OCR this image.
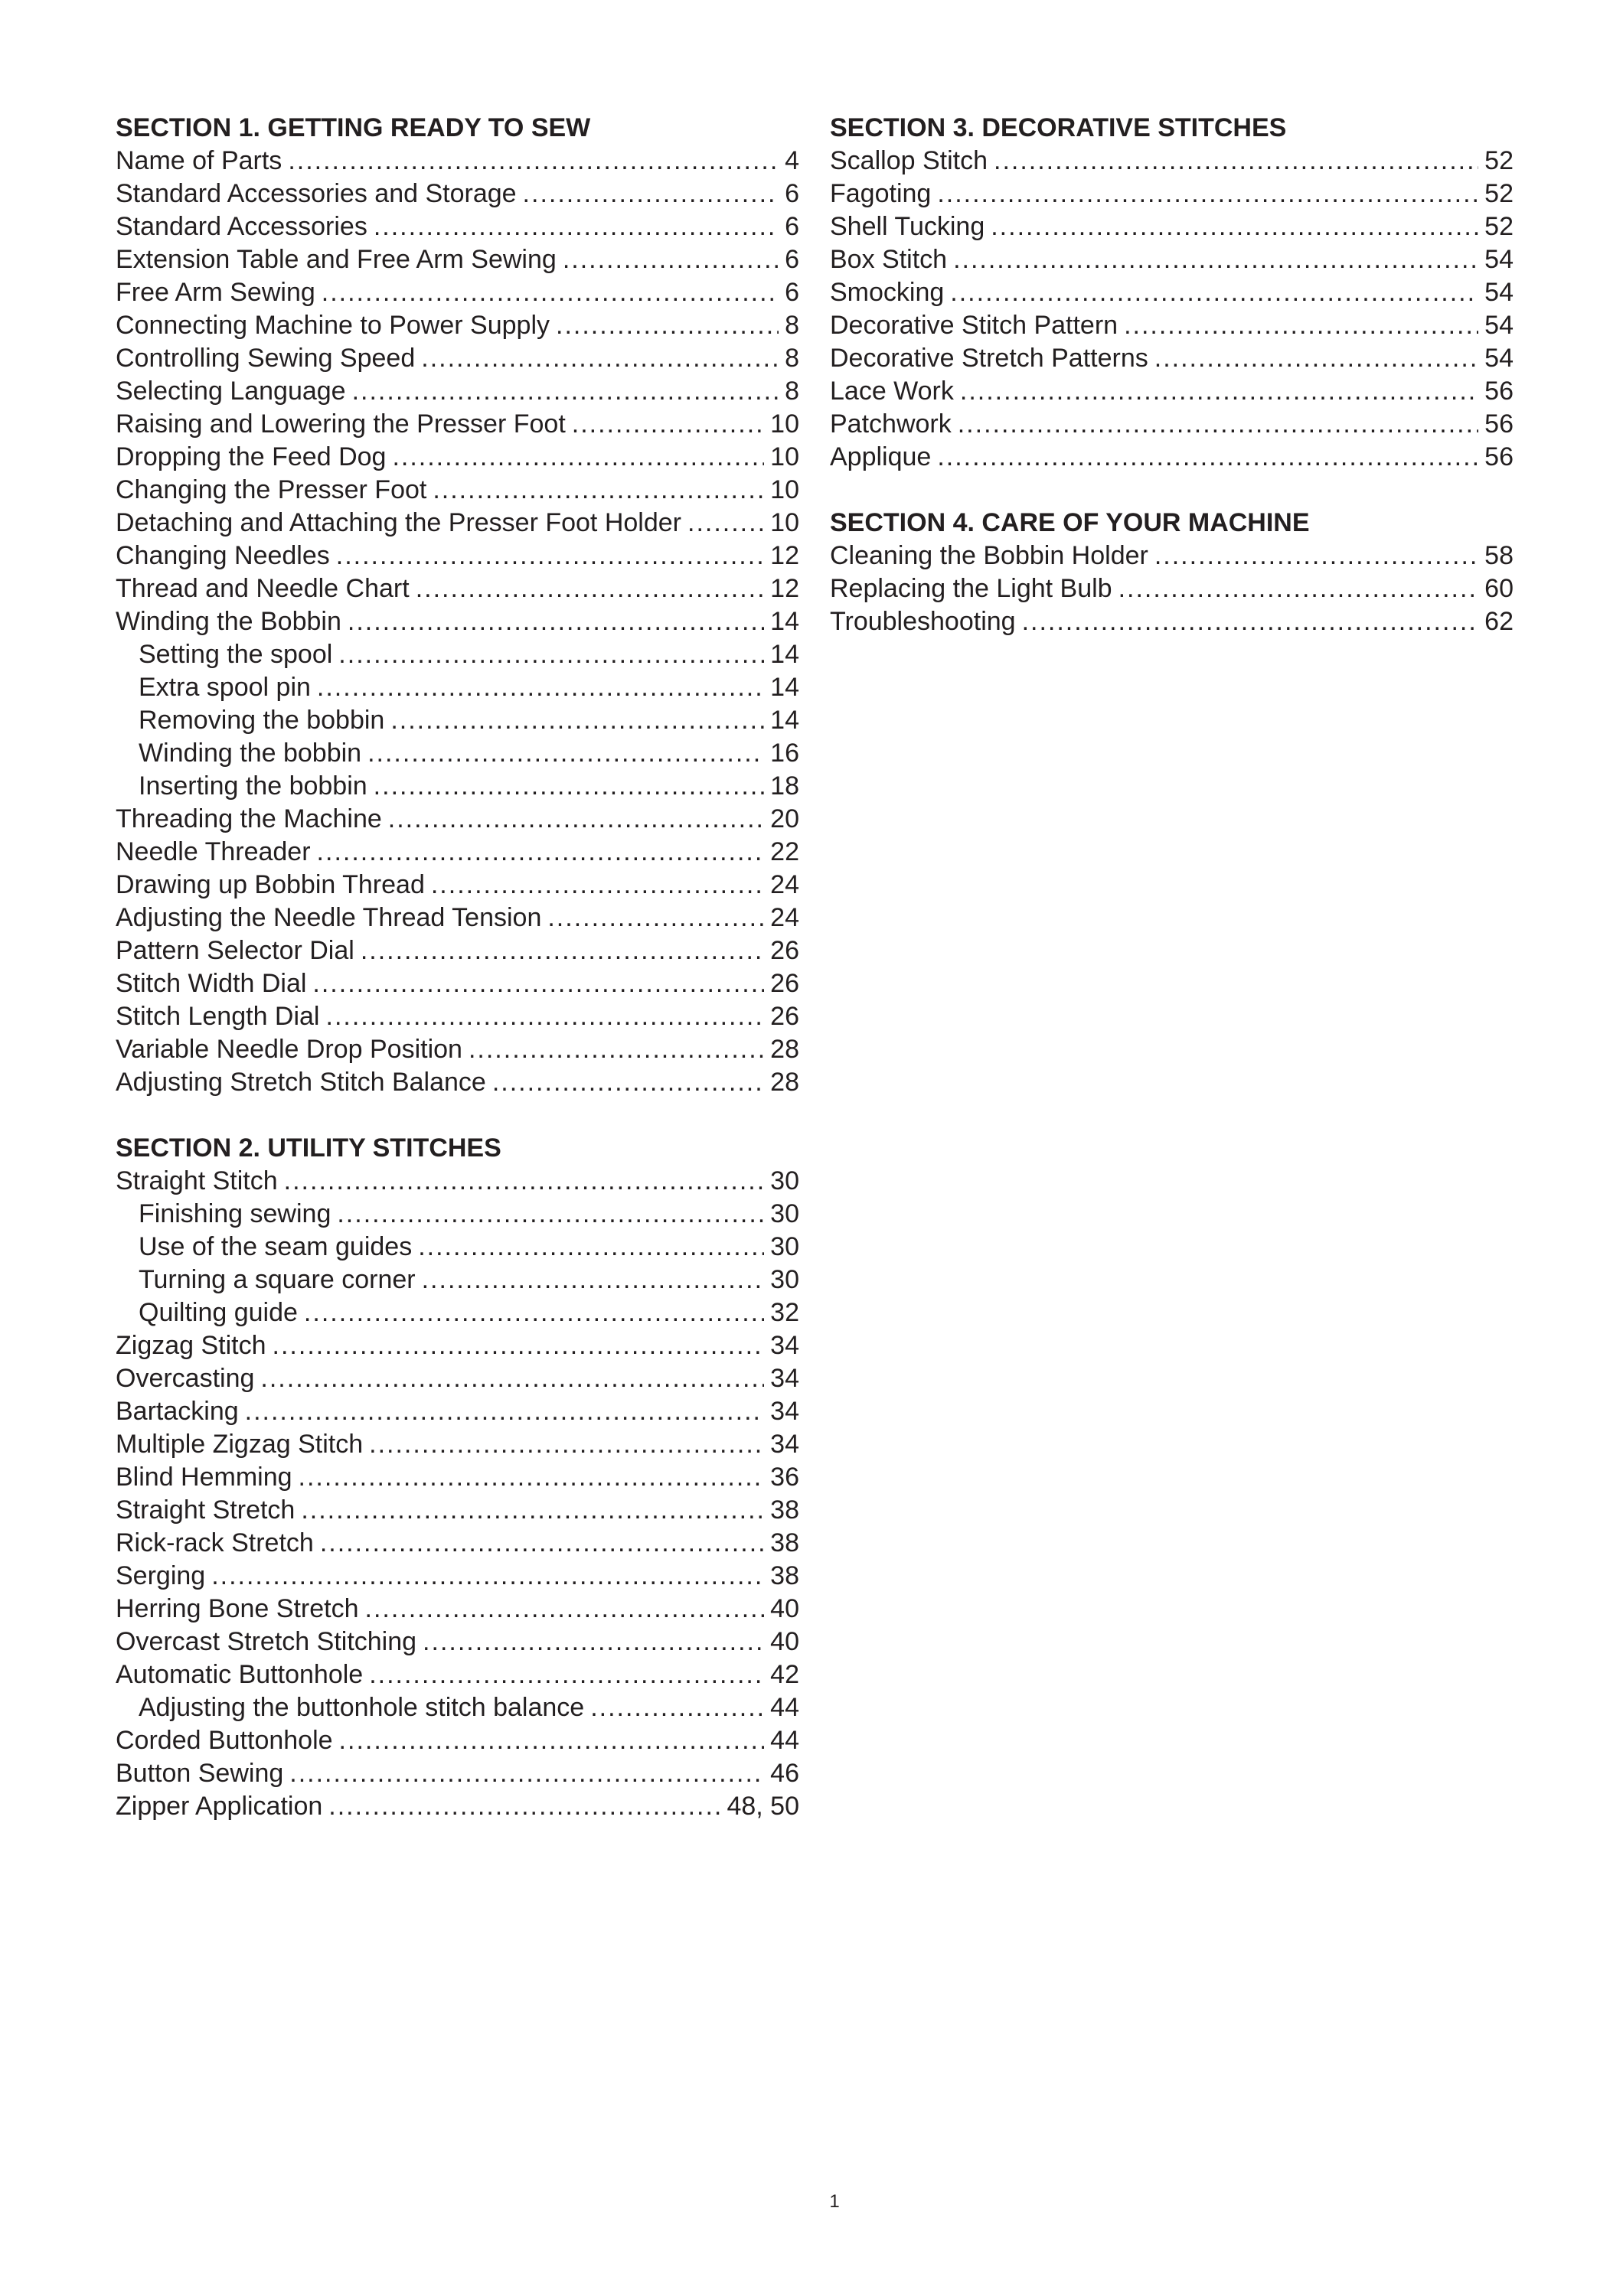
SECTION 1. GETTING READY TO SEW
Name of Parts .....	4
Standard Accessories and Storage .....	6
Standard Accessories .....	6
Extension Table and Free Arm Sewing .....	6
Free Arm Sewing .....	6
Connecting Machine to Power Supply .....	8
Controlling Sewing Speed .....	8
Selecting Language .....	8
Raising and Lowering the Presser Foot .....	10
Dropping the Feed Dog .....	10
Changing the Presser Foot .....	10
Detaching and Attaching the Presser Foot Holder .....	10
Changing Needles .....	12
Thread and Needle Chart .....	12
Winding the Bobbin .....	14
Setting the spool .....	14
Extra spool pin .....	14
Removing the bobbin .....	14
Winding the bobbin .....	16
Inserting the bobbin .....	18
Threading the Machine .....	20
Needle Threader .....	22
Drawing up Bobbin Thread .....	24
Adjusting the Needle Thread Tension .....	24
Pattern Selector Dial .....	26
Stitch Width Dial .....	26
Stitch Length Dial .....	26
Variable Needle Drop Position .....	28
Adjusting Stretch Stitch Balance .....	28
SECTION 2. UTILITY STITCHES
Straight Stitch .....	30
Finishing sewing .....	30
Use of the seam guides .....	30
Turning a square corner .....	30
Quilting guide .....	32
Zigzag Stitch .....	34
Overcasting .....	34
Bartacking .....	34
Multiple Zigzag Stitch .....	34
Blind Hemming .....	36
Straight Stretch .....	38
Rick-rack Stretch .....	38
Serging .....	38
Herring Bone Stretch .....	40
Overcast Stretch Stitching .....	40
Automatic Buttonhole .....	42
Adjusting the buttonhole stitch balance .....	44
Corded Buttonhole .....	44
Button Sewing .....	46
Zipper Application .....	48, 50
SECTION 3. DECORATIVE STITCHES
Scallop Stitch .....	52
Fagoting .....	52
Shell Tucking .....	52
Box Stitch .....	54
Smocking .....	54
Decorative Stitch Pattern .....	54
Decorative Stretch Patterns .....	54
Lace Work .....	56
Patchwork .....	56
Applique .....	56
SECTION 4. CARE OF YOUR MACHINE
Cleaning the Bobbin Holder .....	58
Replacing the Light Bulb .....	60
Troubleshooting .....	62
1
